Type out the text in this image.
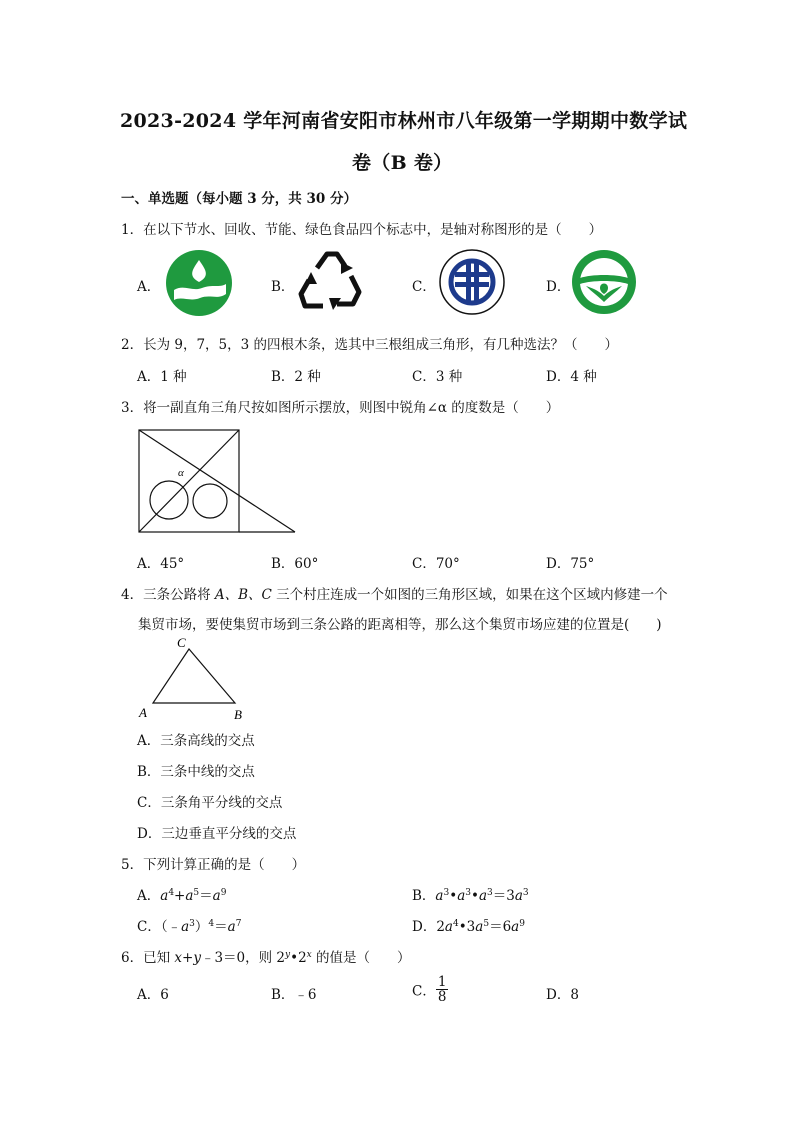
2023-2024 学年河南省安阳市林州市八年级第一学期期中数学试
卷（B 卷）
一、单选题（每小题 3 分，共 30 分）
1．在以下节水、回收、节能、绿色食品四个标志中，是轴对称图形的是（　　）
A．	B．	C．	D．
2．长为 9，7，5，3 的四根木条，选其中三根组成三角形，有几种选法？（　　）
A．1 种	B．2 种	C．3 种	D．4 种
3．将一副直角三角尺按如图所示摆放，则图中锐角∠α 的度数是（　　）
α
A．45°	B．60°	C．70°	D．75°
4．三条公路将 A、B、C 三个村庄连成一个如图的三角形区域，如果在这个区域内修建一个
集贸市场，要使集贸市场到三条公路的距离相等，那么这个集贸市场应建的位置是(　　)
C
A	B
A．三条高线的交点
B．三条中线的交点
C．三条角平分线的交点
D．三边垂直平分线的交点
5．下列计算正确的是（　　）
A．$a^4+a^5=a^9$	B．$a^3•a^3•a^3=3a^3$
C．$(﹣a^3)^4=a^7$	D．$2a^4•3a^5=6a^9$
6．已知 x+y﹣3＝0，则 2$^y$•2$^x$ 的值是（　　）
A．6	B．﹣6	C． $\frac{1}{8}$	D．8
